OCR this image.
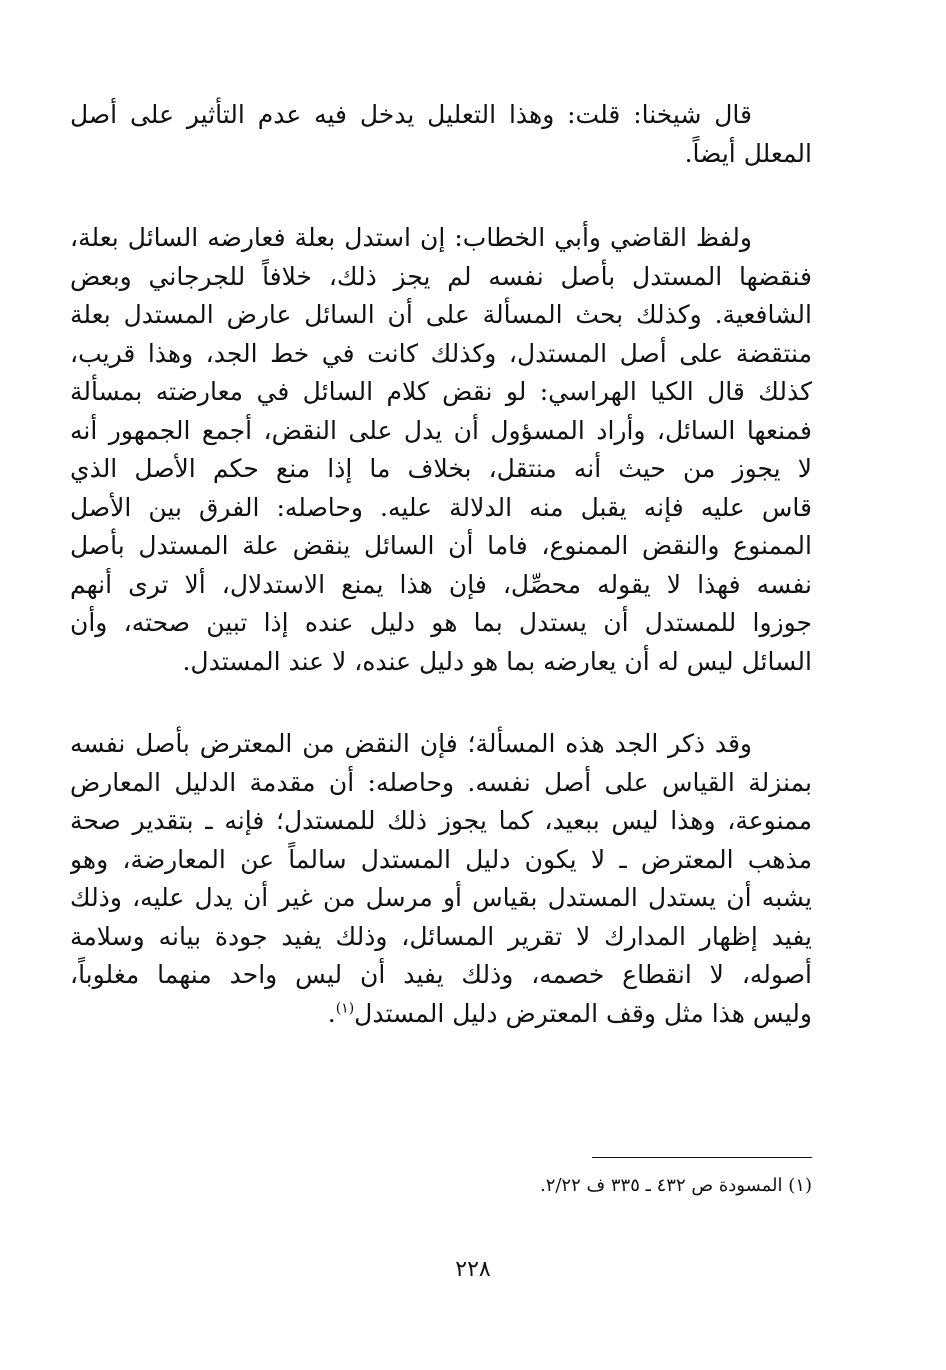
قال شيخنا: قلت: وهذا التعليل يدخل فيه عدم التأثير على أصل
المعلل أيضاً.
ولفظ القاضي وأبي الخطاب: إن استدل بعلة فعارضه السائل بعلة،
فنقضها المستدل بأصل نفسه لم يجز ذلك، خلافاً للجرجاني وبعض
الشافعية. وكذلك بحث المسألة على أن السائل عارض المستدل بعلة
منتقضة على أصل المستدل، وكذلك كانت في خط الجد، وهذا قريب،
كذلك قال الكيا الهراسي: لو نقض كلام السائل في معارضته بمسألة
فمنعها السائل، وأراد المسؤول أن يدل على النقض، أجمع الجمهور أنه
لا يجوز من حيث أنه منتقل، بخلاف ما إذا منع حكم الأصل الذي
قاس عليه فإنه يقبل منه الدلالة عليه. وحاصله: الفرق بين الأصل
الممنوع والنقض الممنوع، فاما أن السائل ينقض علة المستدل بأصل
نفسه فهذا لا يقوله محصِّل، فإن هذا يمنع الاستدلال، ألا ترى أنهم
جوزوا للمستدل أن يستدل بما هو دليل عنده إذا تبين صحته، وأن
السائل ليس له أن يعارضه بما هو دليل عنده، لا عند المستدل.
وقد ذكر الجد هذه المسألة؛ فإن النقض من المعترض بأصل نفسه
بمنزلة القياس على أصل نفسه. وحاصله: أن مقدمة الدليل المعارض
ممنوعة، وهذا ليس ببعيد، كما يجوز ذلك للمستدل؛ فإنه ـ بتقدير صحة
مذهب المعترض ـ لا يكون دليل المستدل سالماً عن المعارضة، وهو
يشبه أن يستدل المستدل بقياس أو مرسل من غير أن يدل عليه، وذلك
يفيد إظهار المدارك لا تقرير المسائل، وذلك يفيد جودة بيانه وسلامة
أصوله، لا انقطاع خصمه، وذلك يفيد أن ليس واحد منهما مغلوباً،
وليس هذا مثل وقف المعترض دليل المستدل$^{(١)}$.
(١) المسودة ص ٤٣٢ ـ ٣٣٥ ف ٢/٢٢.
٢٢٨
